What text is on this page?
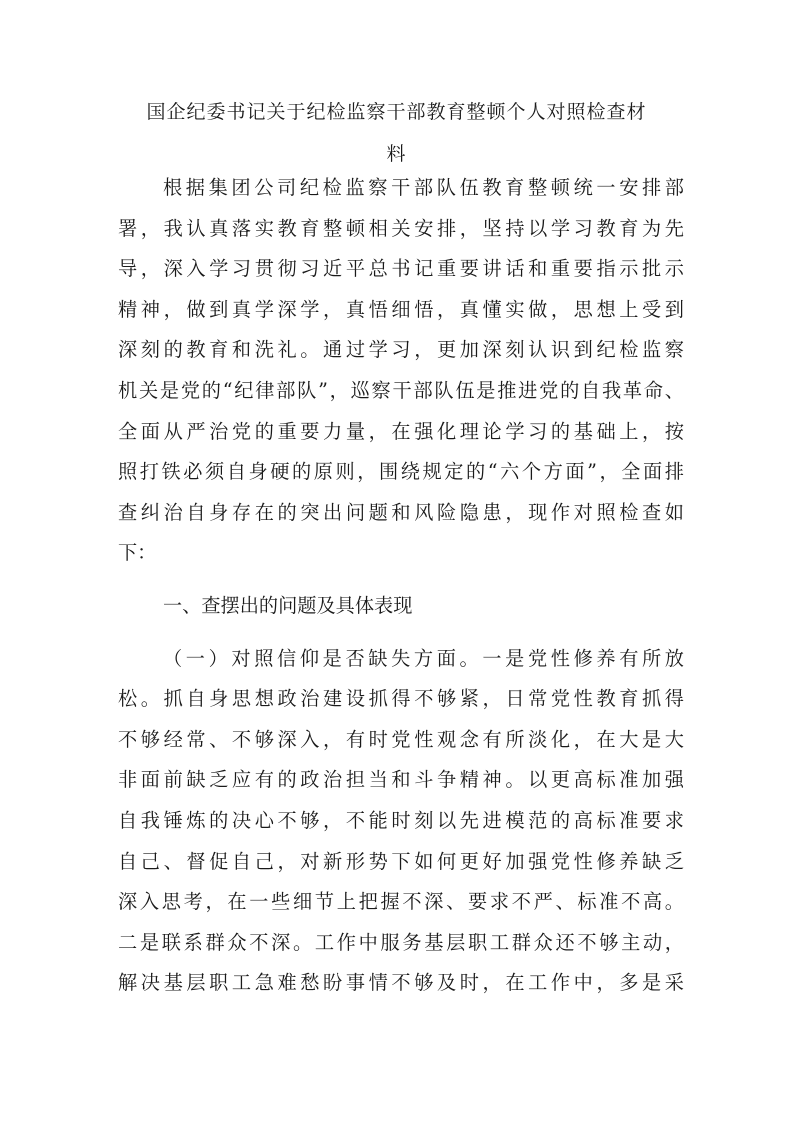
国企纪委书记关于纪检监察干部教育整顿个人对照检查材
料
根据集团公司纪检监察干部队伍教育整顿统一安排部
署，我认真落实教育整顿相关安排，坚持以学习教育为先
导，深入学习贯彻习近平总书记重要讲话和重要指示批示
精神，做到真学深学，真悟细悟，真懂实做，思想上受到
深刻的教育和洗礼。通过学习，更加深刻认识到纪检监察
机关是党的“纪律部队”，巡察干部队伍是推进党的自我革命、
全面从严治党的重要力量，在强化理论学习的基础上，按
照打铁必须自身硬的原则，围绕规定的“六个方面”，全面排
查纠治自身存在的突出问题和风险隐患，现作对照检查如
下：
一、查摆出的问题及具体表现
（一）对照信仰是否缺失方面。一是党性修养有所放
松。抓自身思想政治建设抓得不够紧，日常党性教育抓得
不够经常、不够深入，有时党性观念有所淡化，在大是大
非面前缺乏应有的政治担当和斗争精神。以更高标准加强
自我锤炼的决心不够，不能时刻以先进模范的高标准要求
自己、督促自己，对新形势下如何更好加强党性修养缺乏
深入思考，在一些细节上把握不深、要求不严、标准不高。
二是联系群众不深。工作中服务基层职工群众还不够主动，
解决基层职工急难愁盼事情不够及时，在工作中，多是采
